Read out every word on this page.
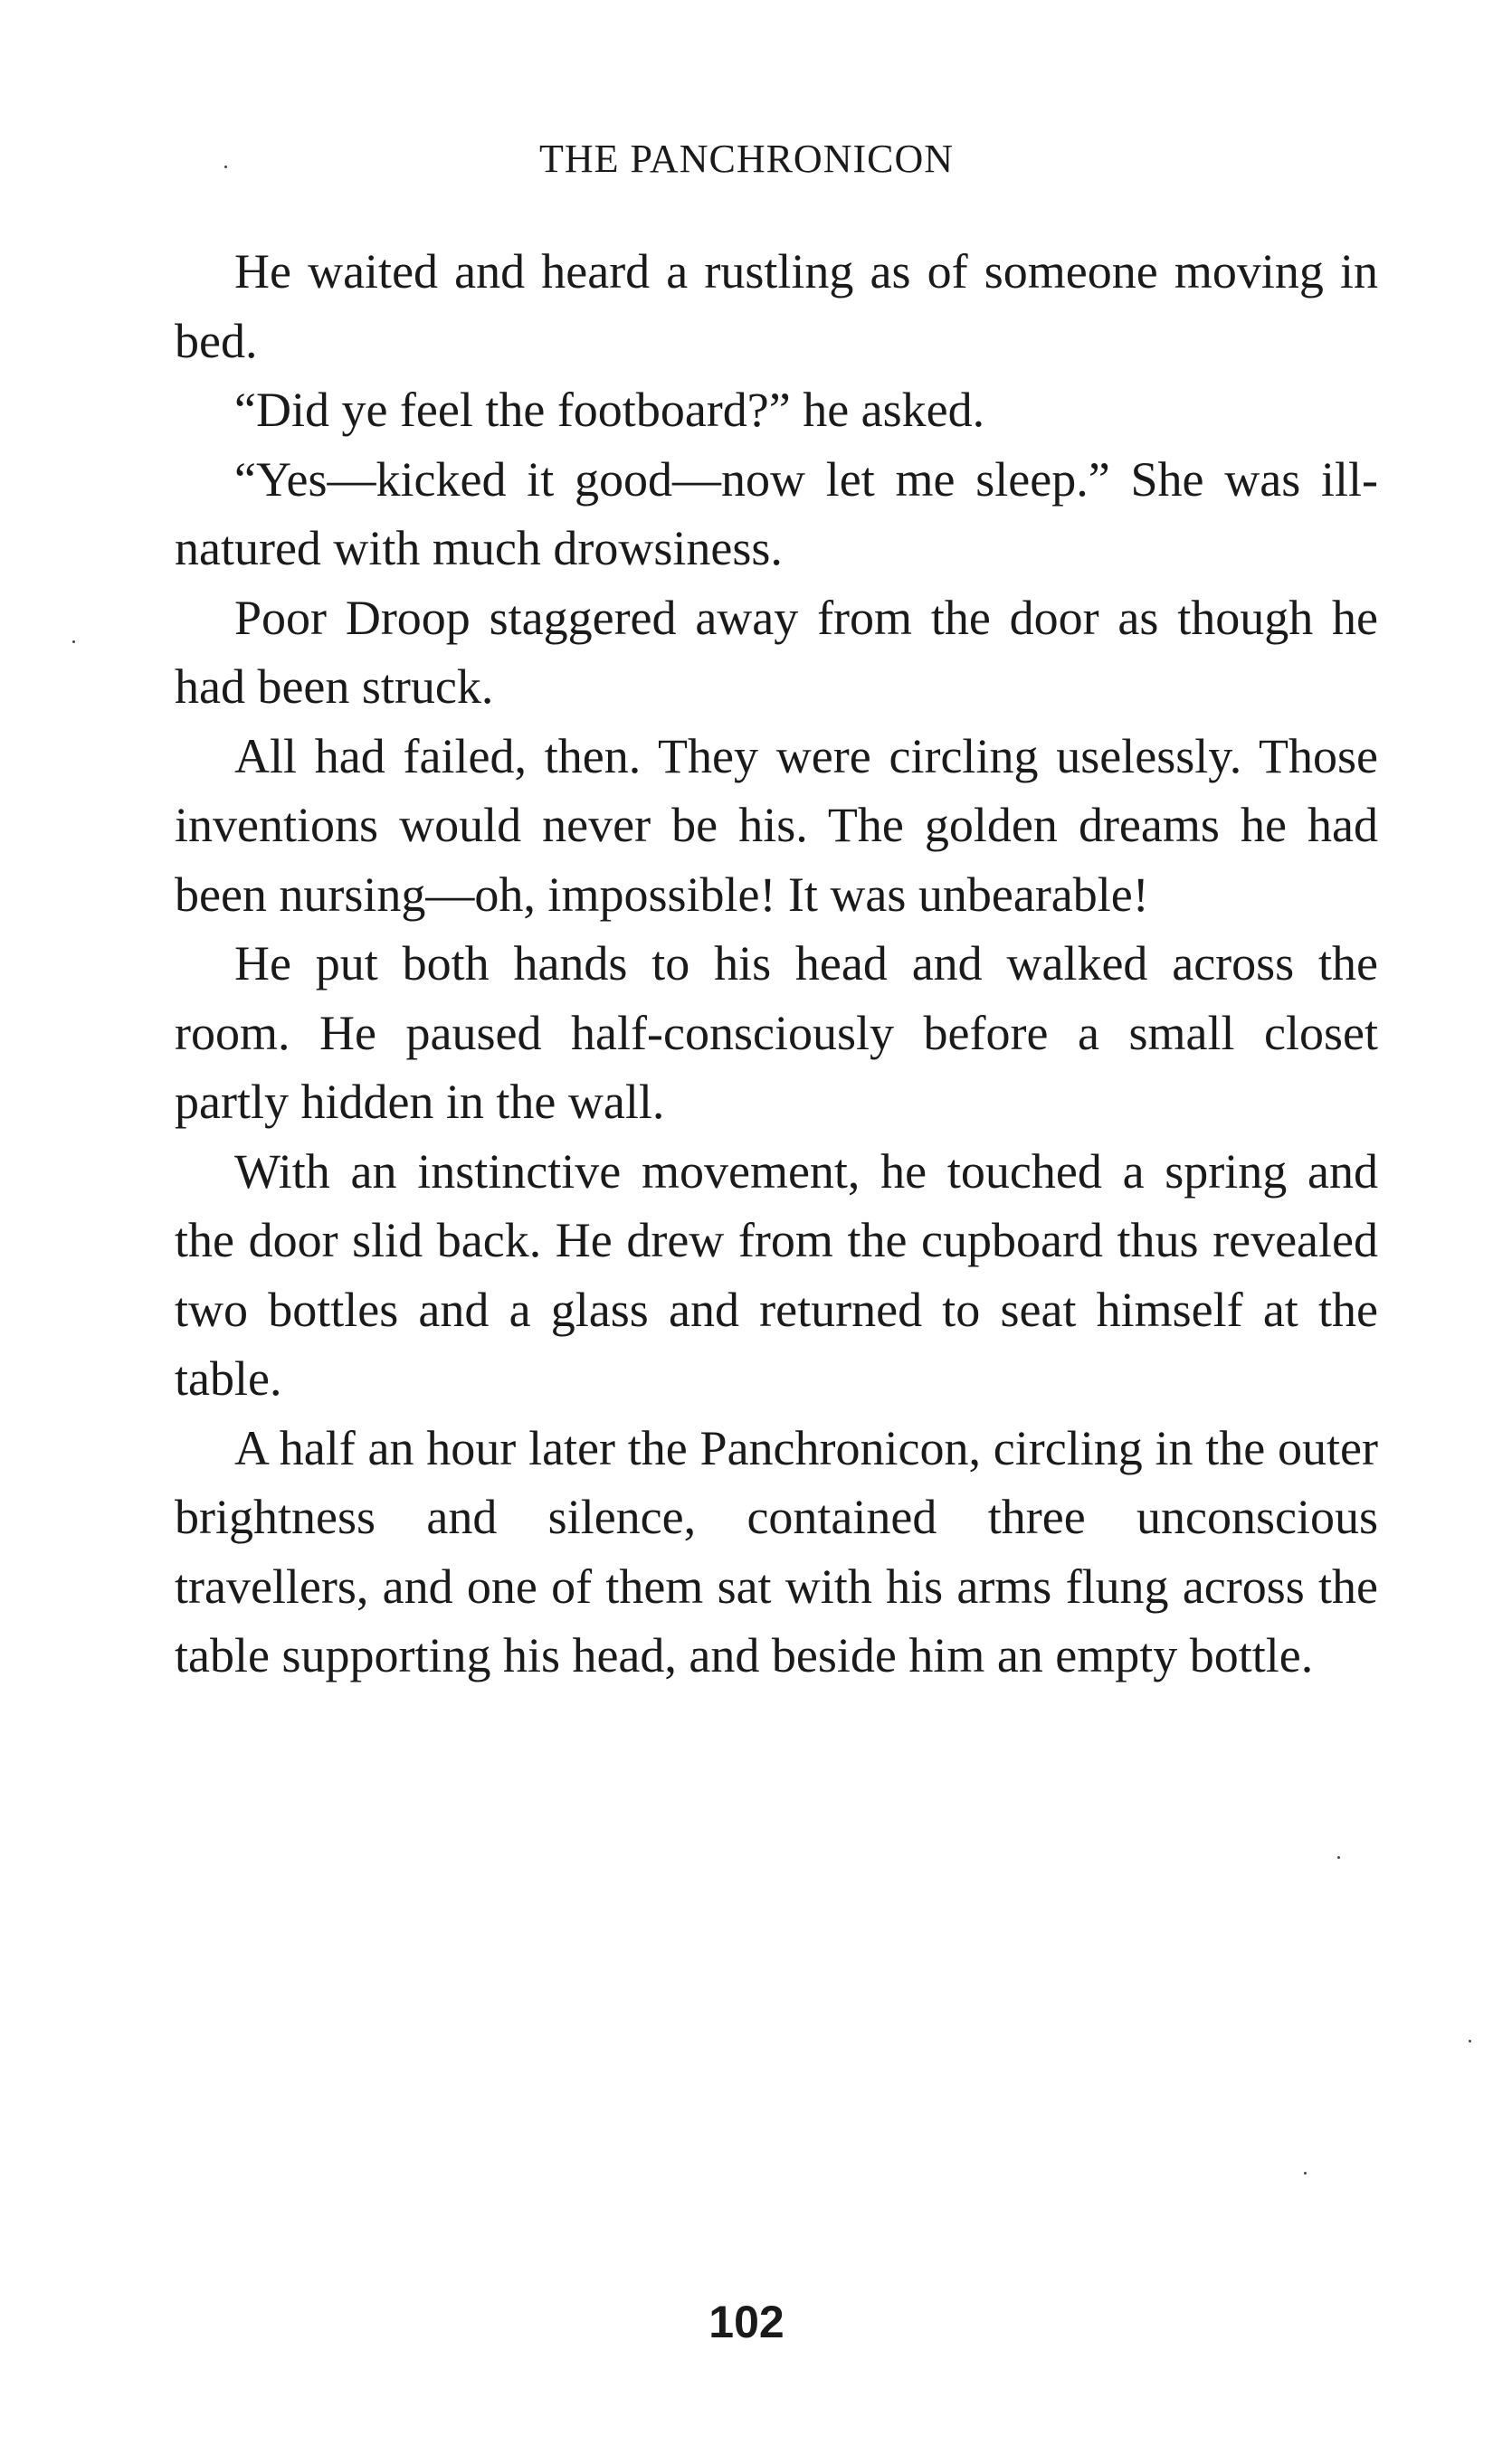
THE PANCHRONICON

He waited and heard a rustling as of someone moving in bed.

“Did ye feel the footboard?” he asked.

“Yes—kicked it good—now let me sleep.” She was ill-natured with much drowsiness.

Poor Droop staggered away from the door as though he had been struck.

All had failed, then. They were circling uselessly. Those inventions would never be his. The golden dreams he had been nursing—oh, impossible! It was unbearable!

He put both hands to his head and walked across the room. He paused half-consciously before a small closet partly hidden in the wall.

With an instinctive movement, he touched a spring and the door slid back. He drew from the cupboard thus revealed two bottles and a glass and returned to seat himself at the table.

A half an hour later the Panchronicon, circling in the outer brightness and silence, contained three unconscious travellers, and one of them sat with his arms flung across the table supporting his head, and beside him an empty bottle.

102
